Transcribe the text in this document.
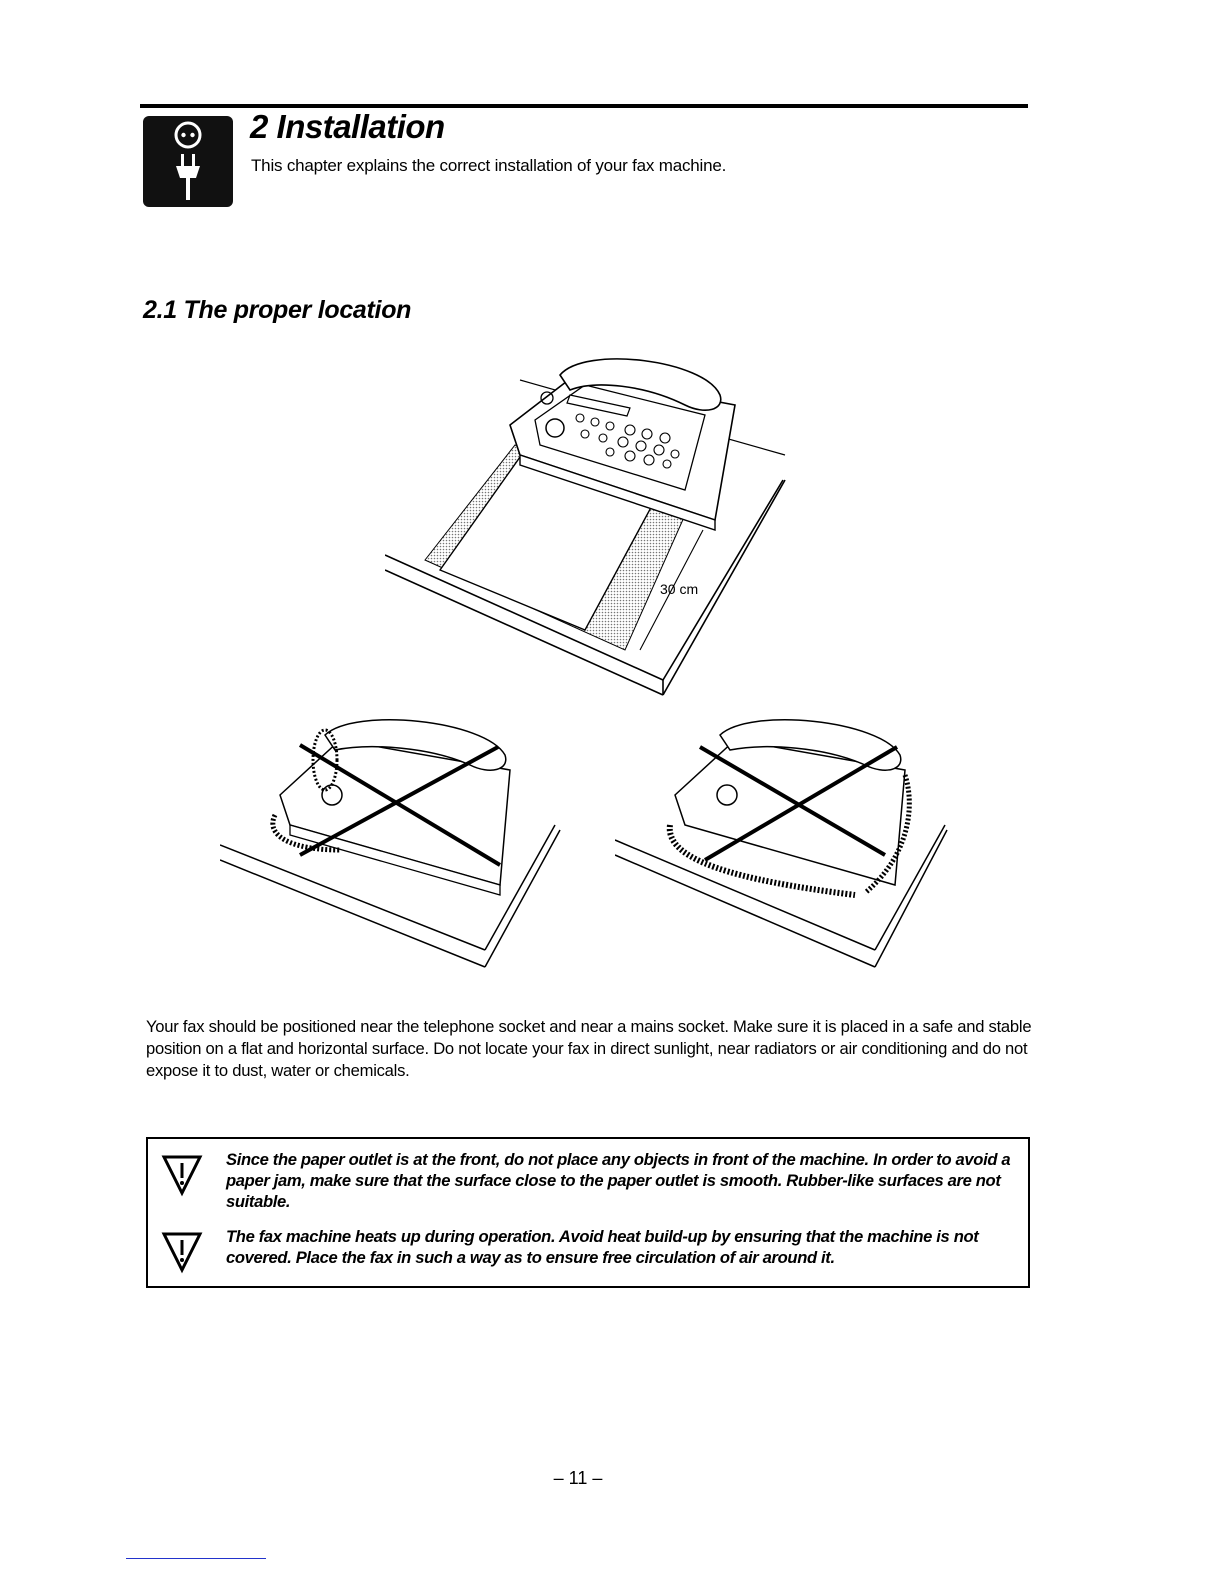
2 Installation

This chapter explains the correct installation of your fax machine.

2.1 The proper location
30 cm

Your fax should be positioned near the telephone socket and near a mains socket. Make sure it is placed in a safe and stable position on a flat and horizontal surface. Do not locate your fax in direct sunlight, near radiators or air conditioning and do not expose it to dust, water or chemicals.

Since the paper outlet is at the front, do not place any objects in front of the machine. In order to avoid a paper jam, make sure that the surface close to the paper outlet is smooth. Rubber-like surfaces are not suitable.

The fax machine heats up during operation. Avoid heat build-up by ensuring that the machine is not covered. Place the fax in such a way as to ensure free circulation of air around it.

– 11 –
